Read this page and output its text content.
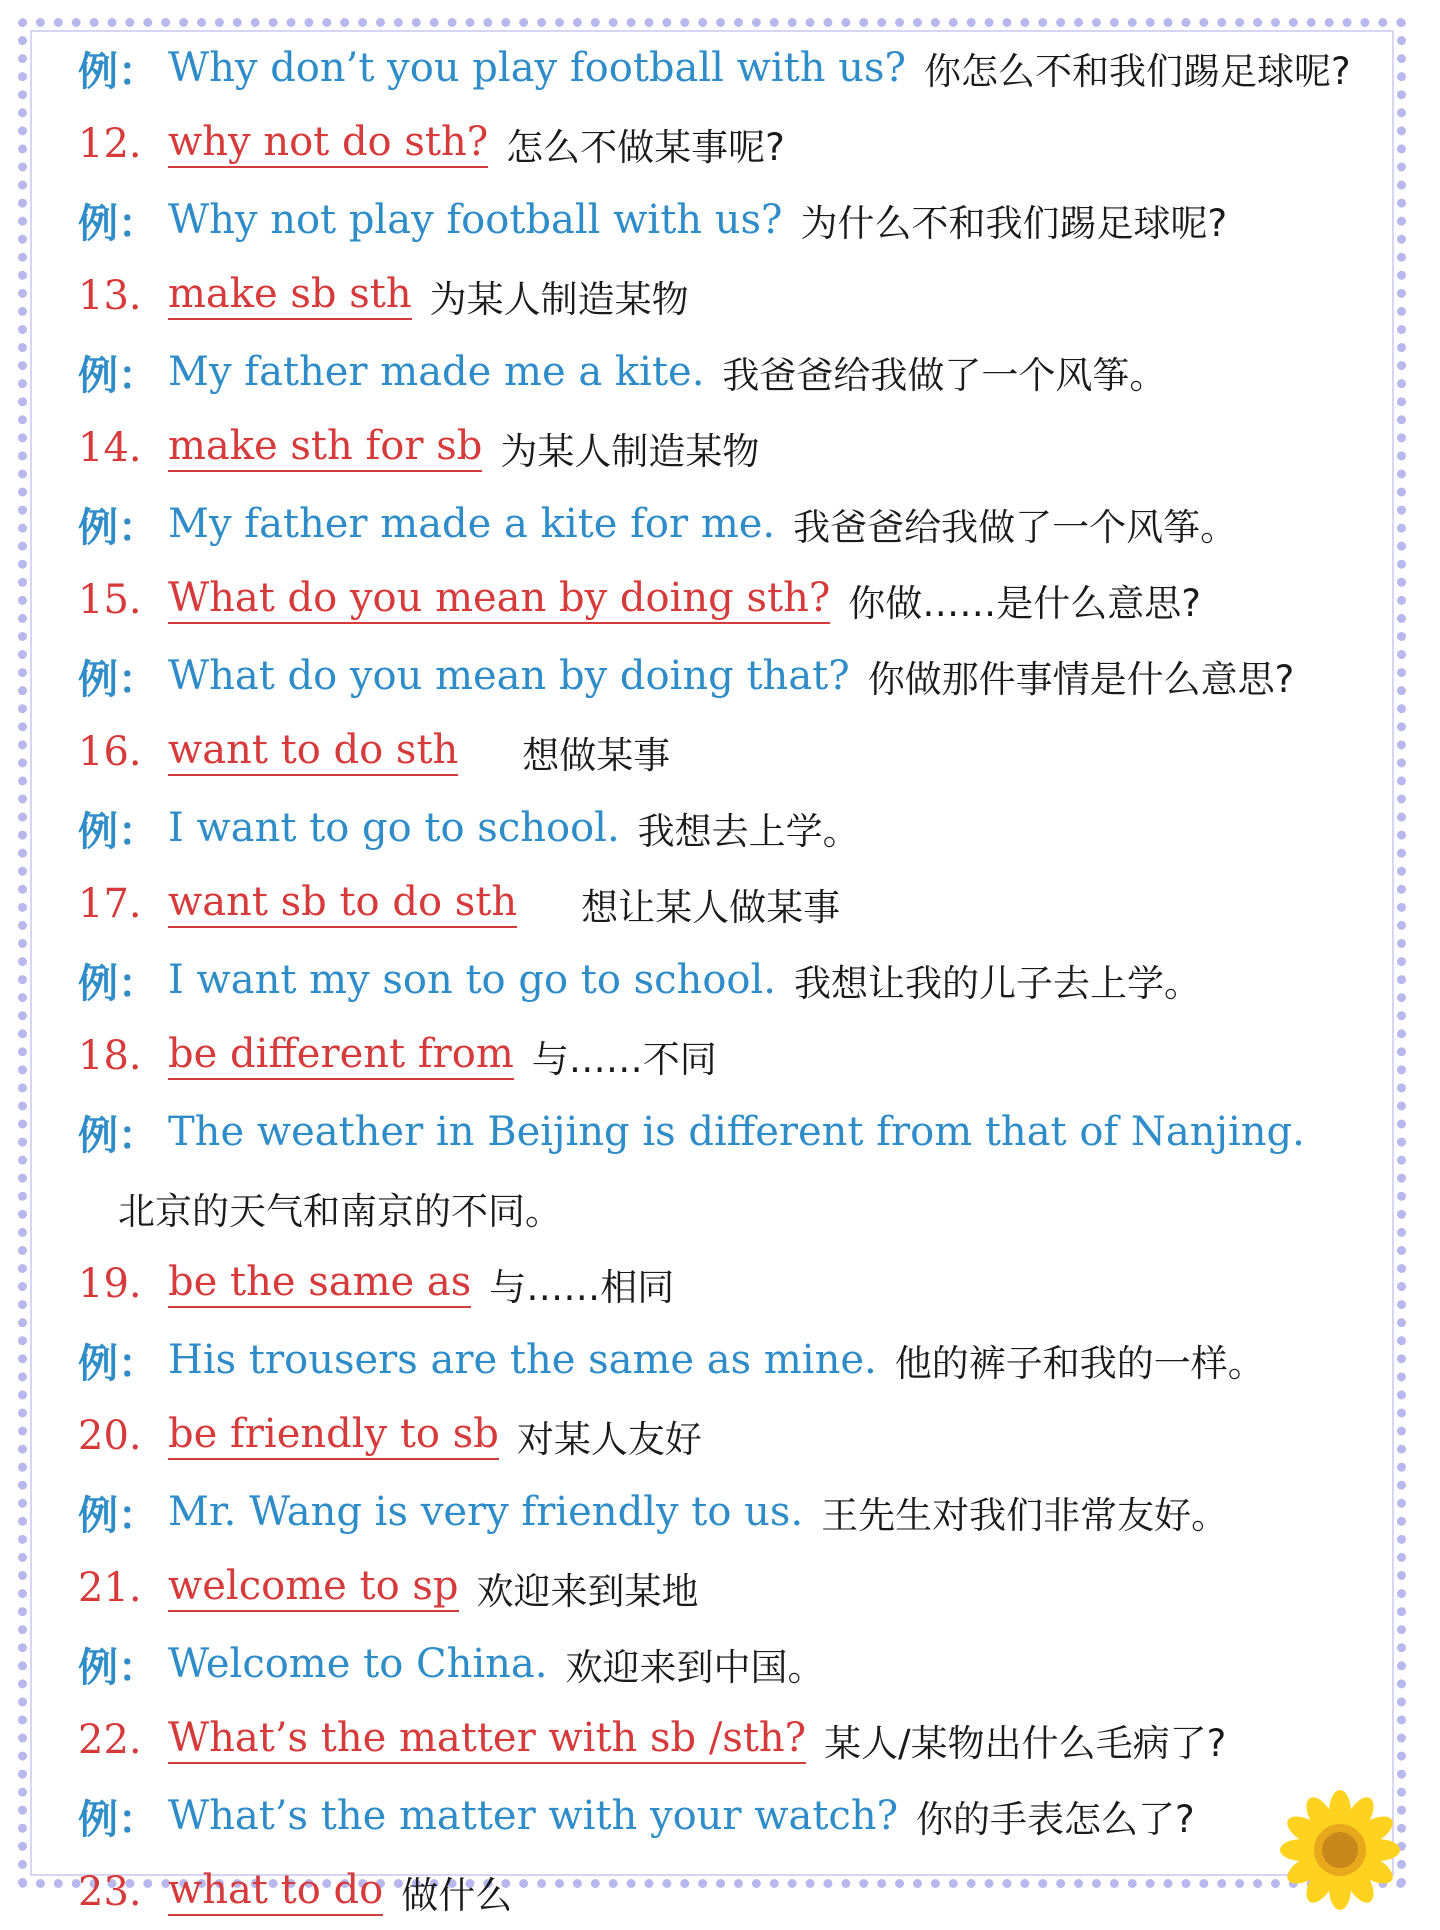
例： Why don’t you play football with us? 你怎么不和我们踢足球呢?
12. why not do sth? 怎么不做某事呢?
例： Why not play football with us? 为什么不和我们踢足球呢?
13. make sb sth 为某人制造某物
例： My father made me a kite. 我爸爸给我做了一个风筝。
14. make sth for sb 为某人制造某物
例： My father made a kite for me. 我爸爸给我做了一个风筝。
15. What do you mean by doing sth? 你做……是什么意思?
例： What do you mean by doing that? 你做那件事情是什么意思?
16. want to do sth 想做某事
例： I want to go to school. 我想去上学。
17. want sb to do sth 想让某人做某事
例： I want my son to go to school. 我想让我的儿子去上学。
18. be different from 与……不同
例： The weather in Beijing is different from that of Nanjing.
北京的天气和南京的不同。
19. be the same as 与……相同
例： His trousers are the same as mine. 他的裤子和我的一样。
20. be friendly to sb 对某人友好
例： Mr. Wang is very friendly to us. 王先生对我们非常友好。
21. welcome to sp 欢迎来到某地
例： Welcome to China. 欢迎来到中国。
22. What’s the matter with sb /sth? 某人/某物出什么毛病了?
例： What’s the matter with your watch? 你的手表怎么了?
23. what to do 做什么
